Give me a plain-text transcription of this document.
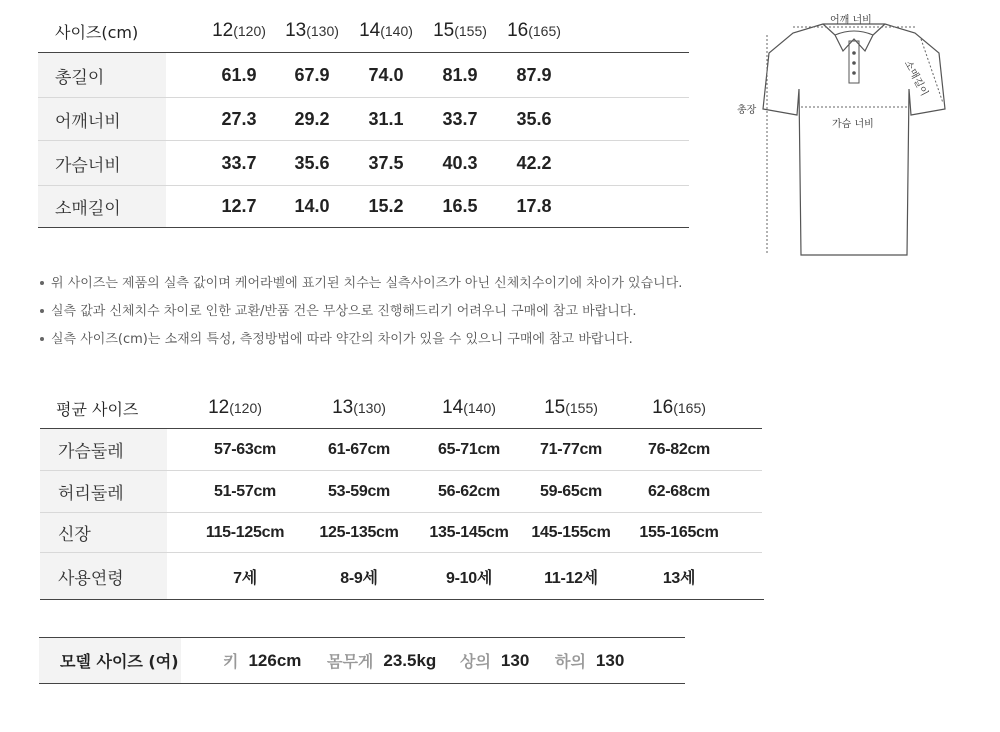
사이즈(cm)	12 (120) 13 (130) 14 (140) 15 (155) 16 (165)
총길이	61.9	67.9	74.0	81.9	87.9
어깨너비	27.3	29.2	31.1	33.7	35.6
가슴너비	33.7	35.6	37.5	40.3	42.2
소매길이	12.7	14.0	15.2	16.5	17.8
어깨 너비
소매길이
총장
가슴 너비
위 사이즈는 제품의 실측 값이며 케어라벨에 표기된 치수는 실측사이즈가 아닌 신체치수이기에 차이가 있습니다.
실측 값과 신체치수 차이로 인한 교환/반품 건은 무상으로 진행해드리기 어려우니 구매에 참고 바랍니다.
실측 사이즈(cm)는 소재의 특성, 측정방법에 따라 약간의 차이가 있을 수 있으니 구매에 참고 바랍니다.
평균 사이즈	12 (120)	13 (130)	14 (140)	15 (155)	16 (165)
가슴둘레	57-63cm	61-67cm	65-71cm	71-77cm	76-82cm
허리둘레	51-57cm	53-59cm	56-62cm	59-65cm	62-68cm
신장	115-125cm	125-135cm	135-145cm	145-155cm	155-165cm
사용연령	7세	8-9세	9-10세	11-12세	13세
모델 사이즈 (여)	키 126cm 몸무게 23.5kg 상의 130 하의 130
